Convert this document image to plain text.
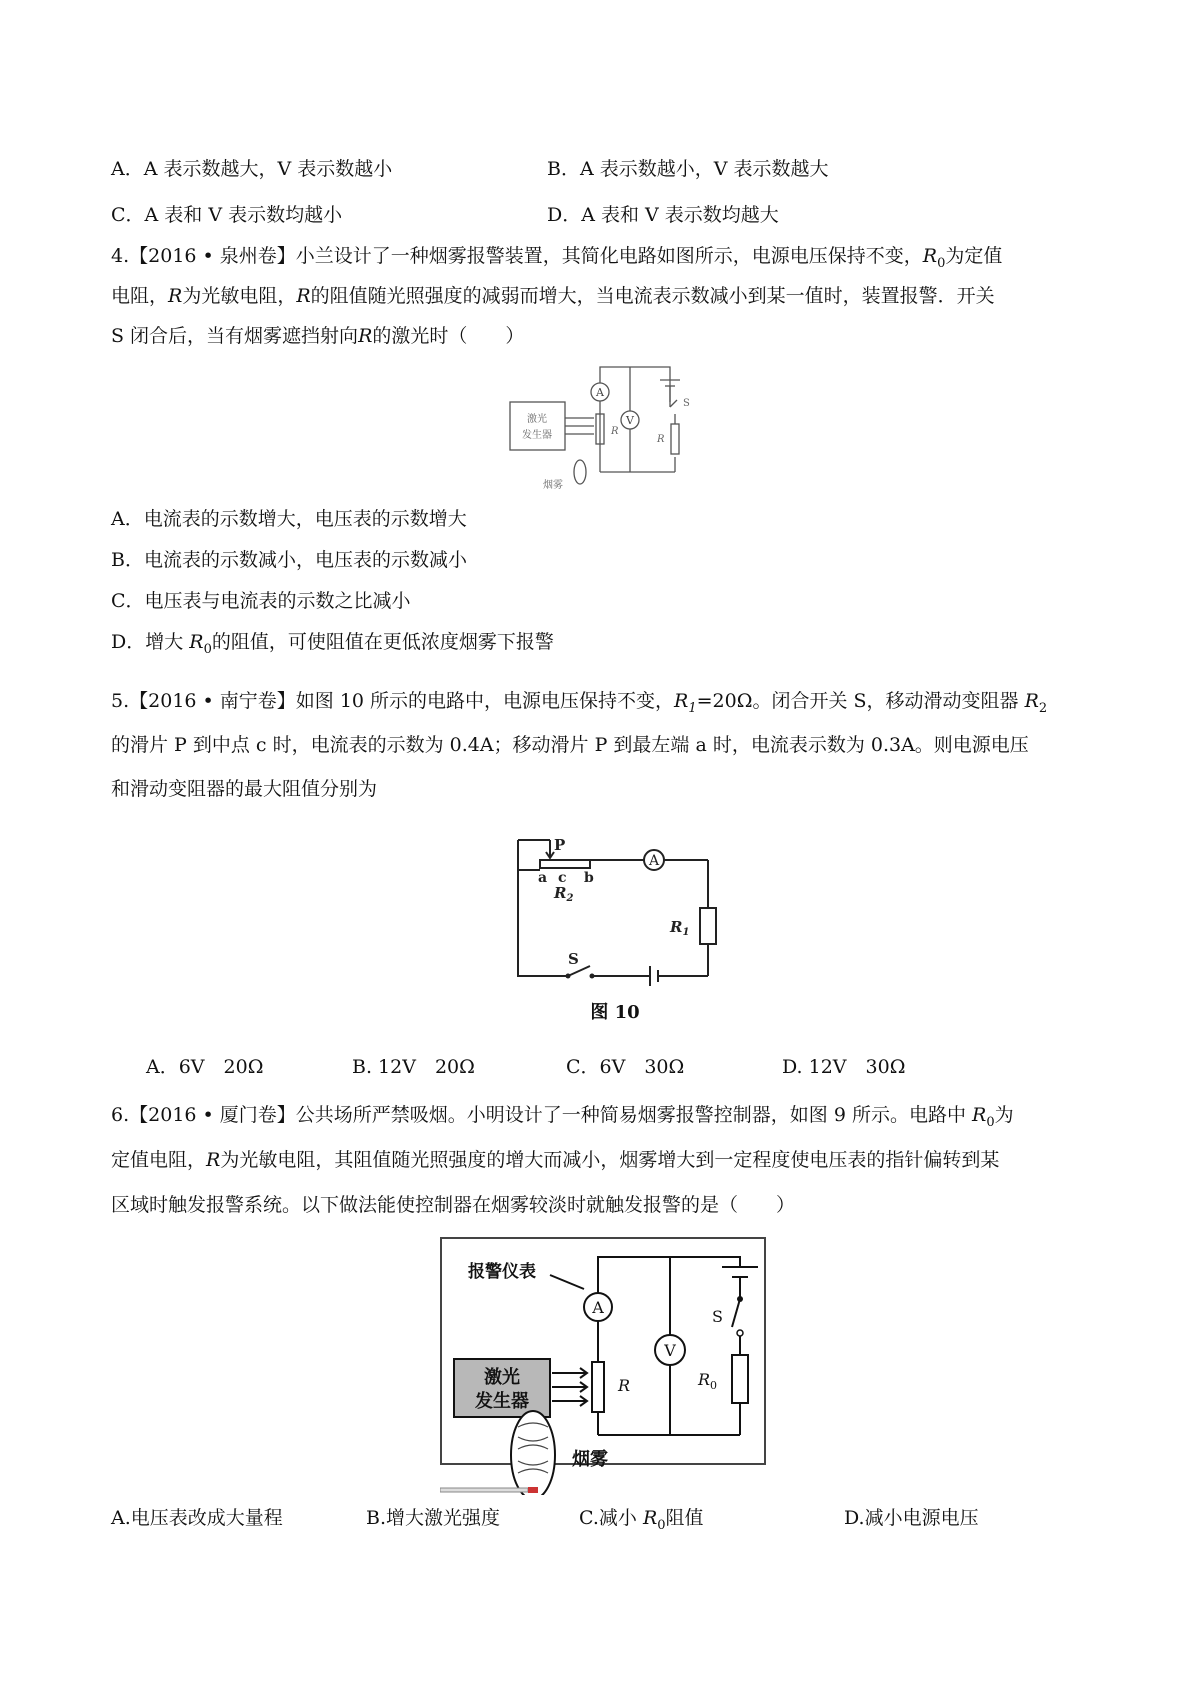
A．A 表示数越大，V 表示数越小	B．A 表示数越小，V 表示数越大
C．A 表和 V 表示数均越小	D．A 表和 V 表示数均越大
4.【2016 • 泉州卷】小兰设计了一种烟雾报警装置，其简化电路如图所示，电源电压保持不变，$R_0$为定值
电阻，R为光敏电阻，R的阻值随光照强度的减弱而增大，当电流表示数减小到某一值时，装置报警．开关
S 闭合后，当有烟雾遮挡射向R的激光时（　　）
A
V
激光
发生器
烟雾
R
R
S
A．电流表的示数增大，电压表的示数增大
B．电流表的示数减小，电压表的示数减小
C．电压表与电流表的示数之比减小
D．增大 $R_0$的阻值，可使阻值在更低浓度烟雾下报警
5.【2016 • 南宁卷】如图 10 所示的电路中，电源电压保持不变，$R_1=20\Omega$。闭合开关 S，移动滑动变阻器 $R_2$
的滑片 P 到中点 c 时，电流表的示数为 0.4A；移动滑片 P 到最左端 a 时，电流表示数为 0.3A。则电源电压
和滑动变阻器的最大阻值分别为
A
P
a c b
$R_2$
$R_1$
S
图 10
A．6V　20Ω	B. 12V　20Ω	C．6V　30Ω	D. 12V　30Ω
6.【2016 • 厦门卷】公共场所严禁吸烟。小明设计了一种简易烟雾报警控制器，如图 9 所示。电路中 $R_0$为
定值电阻，R为光敏电阻，其阻值随光照强度的增大而减小，烟雾增大到一定程度使电压表的指针偏转到某
区域时触发报警系统。以下做法能使控制器在烟雾较淡时就触发报警的是（　　）
报警仪表
A
V
S
R	$R_0$
激光
发生器
烟雾
A.电压表改成大量程	B.增大激光强度	C.减小 $R_0$阻值	D.减小电源电压
